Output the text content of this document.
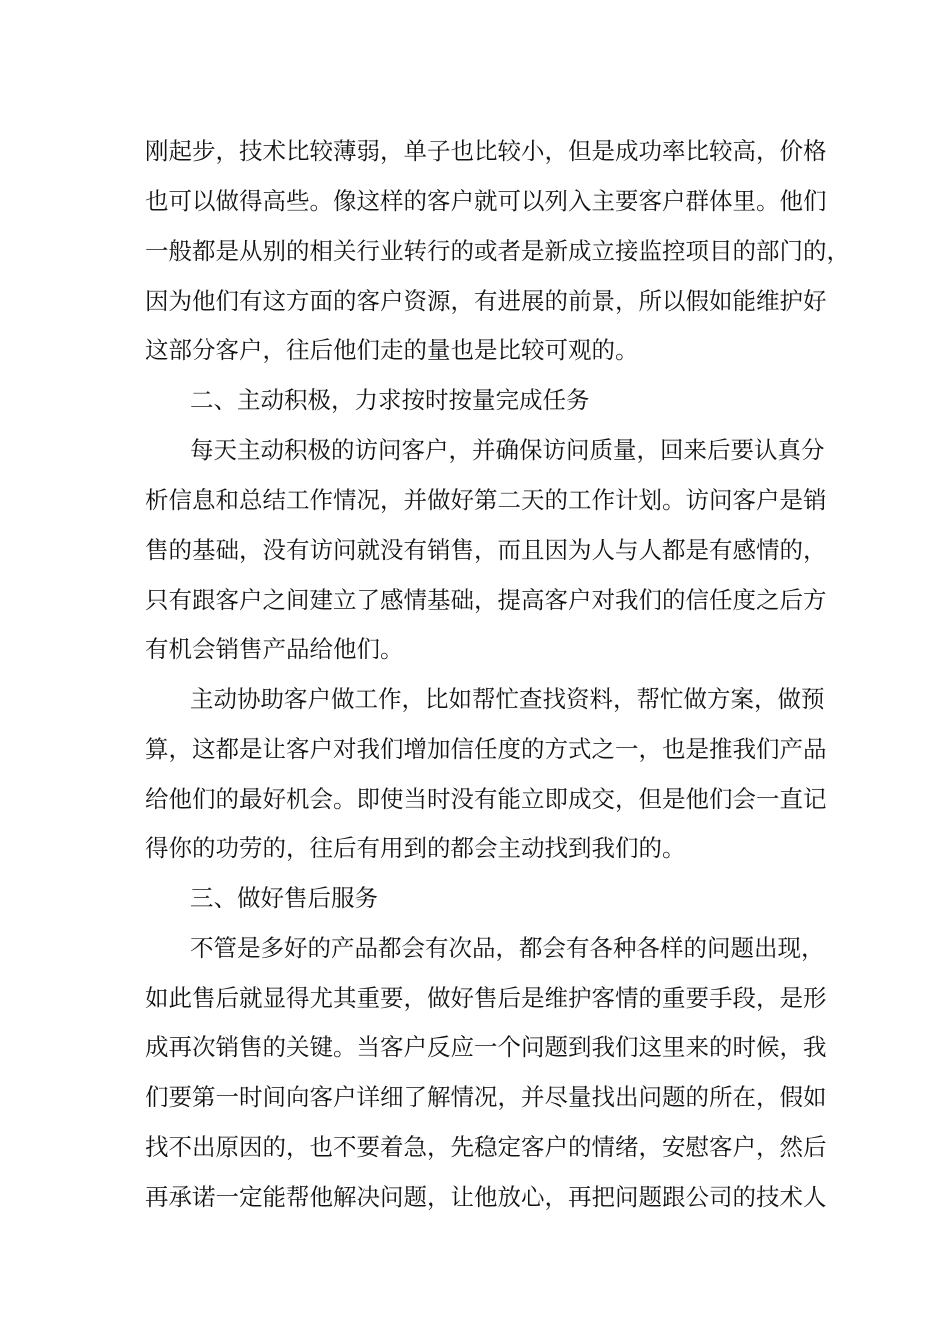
刚起步，技术比较薄弱，单子也比较小，但是成功率比较高，价格
也可以做得高些。像这样的客户就可以列入主要客户群体里。他们
一般都是从别的相关行业转行的或者是新成立接监控项目的部门的，
因为他们有这方面的客户资源，有进展的前景，所以假如能维护好
这部分客户，往后他们走的量也是比较可观的。
二、主动积极，力求按时按量完成任务
每天主动积极的访问客户，并确保访问质量，回来后要认真分
析信息和总结工作情况，并做好第二天的工作计划。访问客户是销
售的基础，没有访问就没有销售，而且因为人与人都是有感情的，
只有跟客户之间建立了感情基础，提高客户对我们的信任度之后方
有机会销售产品给他们。
主动协助客户做工作，比如帮忙查找资料，帮忙做方案，做预
算，这都是让客户对我们增加信任度的方式之一，也是推我们产品
给他们的最好机会。即使当时没有能立即成交，但是他们会一直记
得你的功劳的，往后有用到的都会主动找到我们的。
三、做好售后服务
不管是多好的产品都会有次品，都会有各种各样的问题出现，
如此售后就显得尤其重要，做好售后是维护客情的重要手段，是形
成再次销售的关键。当客户反应一个问题到我们这里来的时候，我
们要第一时间向客户详细了解情况，并尽量找出问题的所在，假如
找不出原因的，也不要着急，先稳定客户的情绪，安慰客户，然后
再承诺一定能帮他解决问题，让他放心，再把问题跟公司的技术人
